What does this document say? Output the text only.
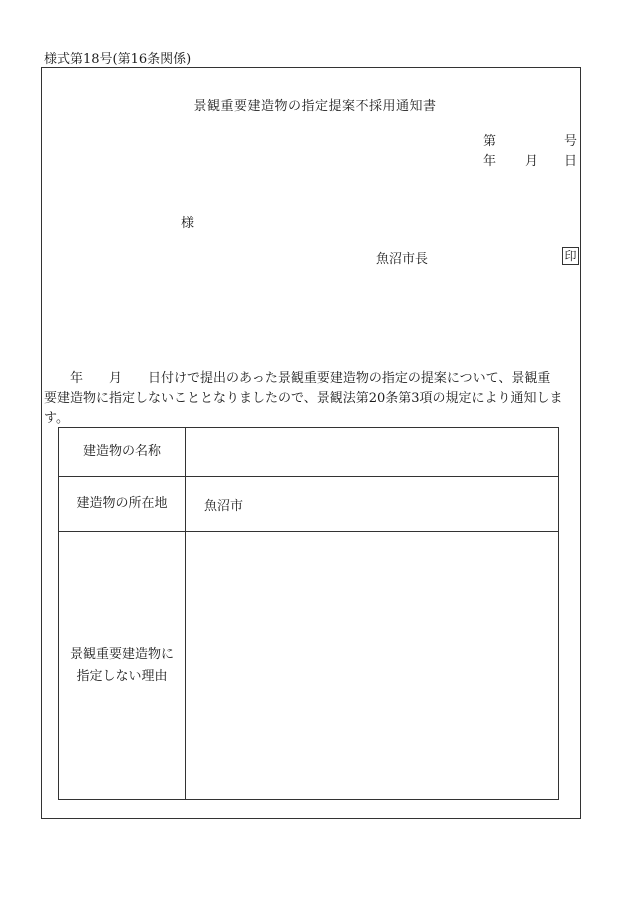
様式第18号(第16条関係)
景観重要建造物の指定提案不採用通知書
第	号
年 月 日
様
魚沼市長	印
　　年　　月　　日付けで提出のあった景観重要建造物の指定の提案について、景観重
要建造物に指定しないこととなりましたので、景観法第20条第3項の規定により通知しま
す。
建造物の名称
建造物の所在地	魚沼市
景観重要建造物に
指定しない理由
